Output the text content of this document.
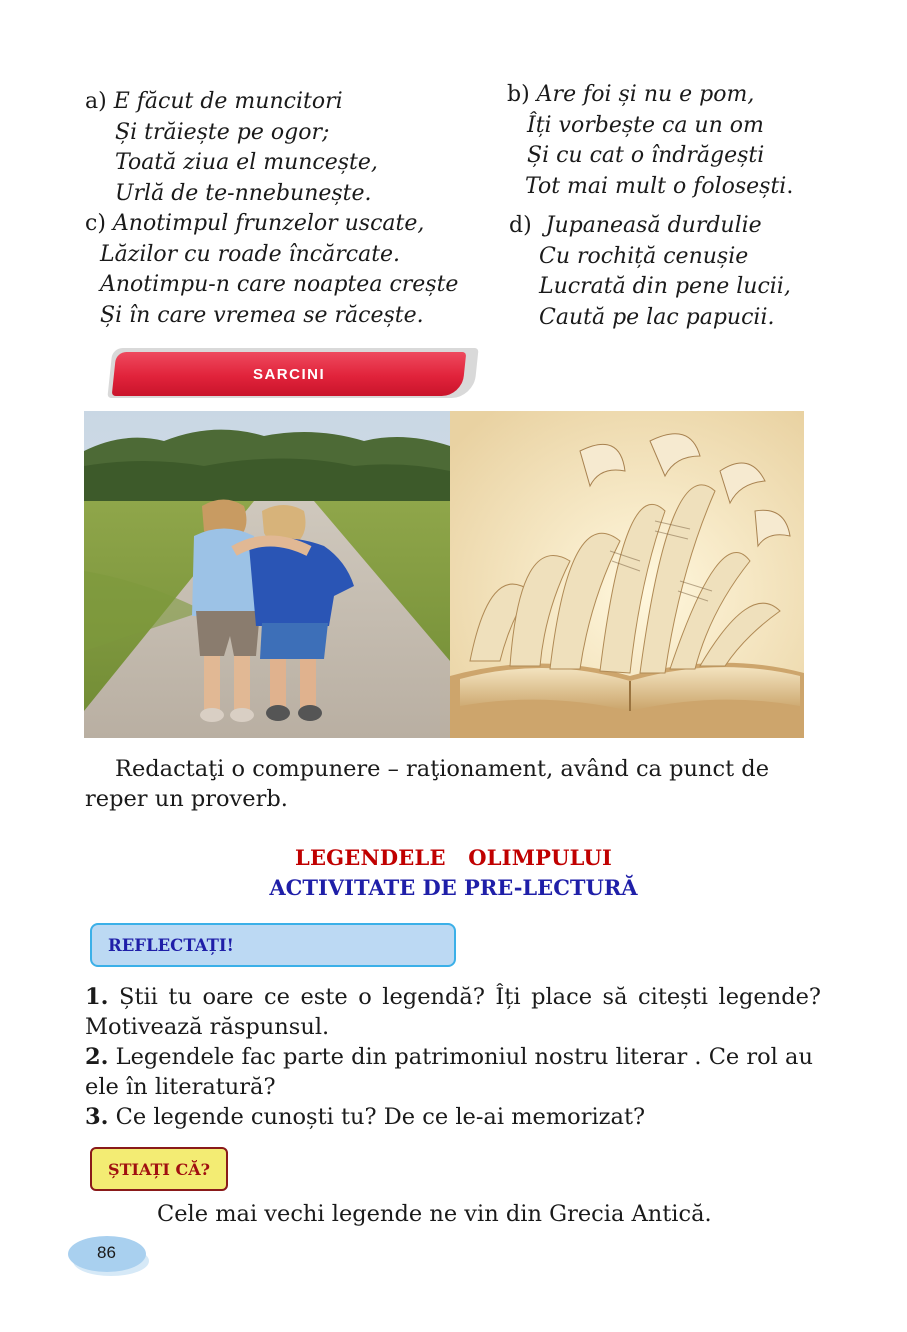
a) E făcut de muncitori
Și trăiește pe ogor;
Toată ziua el muncește,
Urlă de te-nnebunește.
c) Anotimpul frunzelor uscate,
Lăzilor cu roade încărcate.
Anotimpu-n care noaptea crește
Și în care vremea se răcește.
b) Are foi și nu e pom,
Îți vorbește ca un om
Și cu cat o îndrăgești
Tot mai mult o folosești.
d) Jupaneasă durdulie
Cu rochiță cenușie
Lucrată din pene lucii,
Caută pe lac papucii.
SARCINI
Redactaţi o compunere – raţionament, având ca punct de reper un proverb.
LEGENDELE   OLIMPULUI
ACTIVITATE DE PRE-LECTURĂ
REFLECTAȚI!
1. Știi tu oare ce este o legendă? Îți place să citești legende? Motivează răspunsul.
2. Legendele fac parte din patrimoniul nostru literar . Ce rol au ele în literatură?
3. Ce legende cunoști tu? De ce le-ai memorizat?
ȘTIAȚI CĂ?
Cele mai vechi legende ne vin din Grecia Antică.
86
